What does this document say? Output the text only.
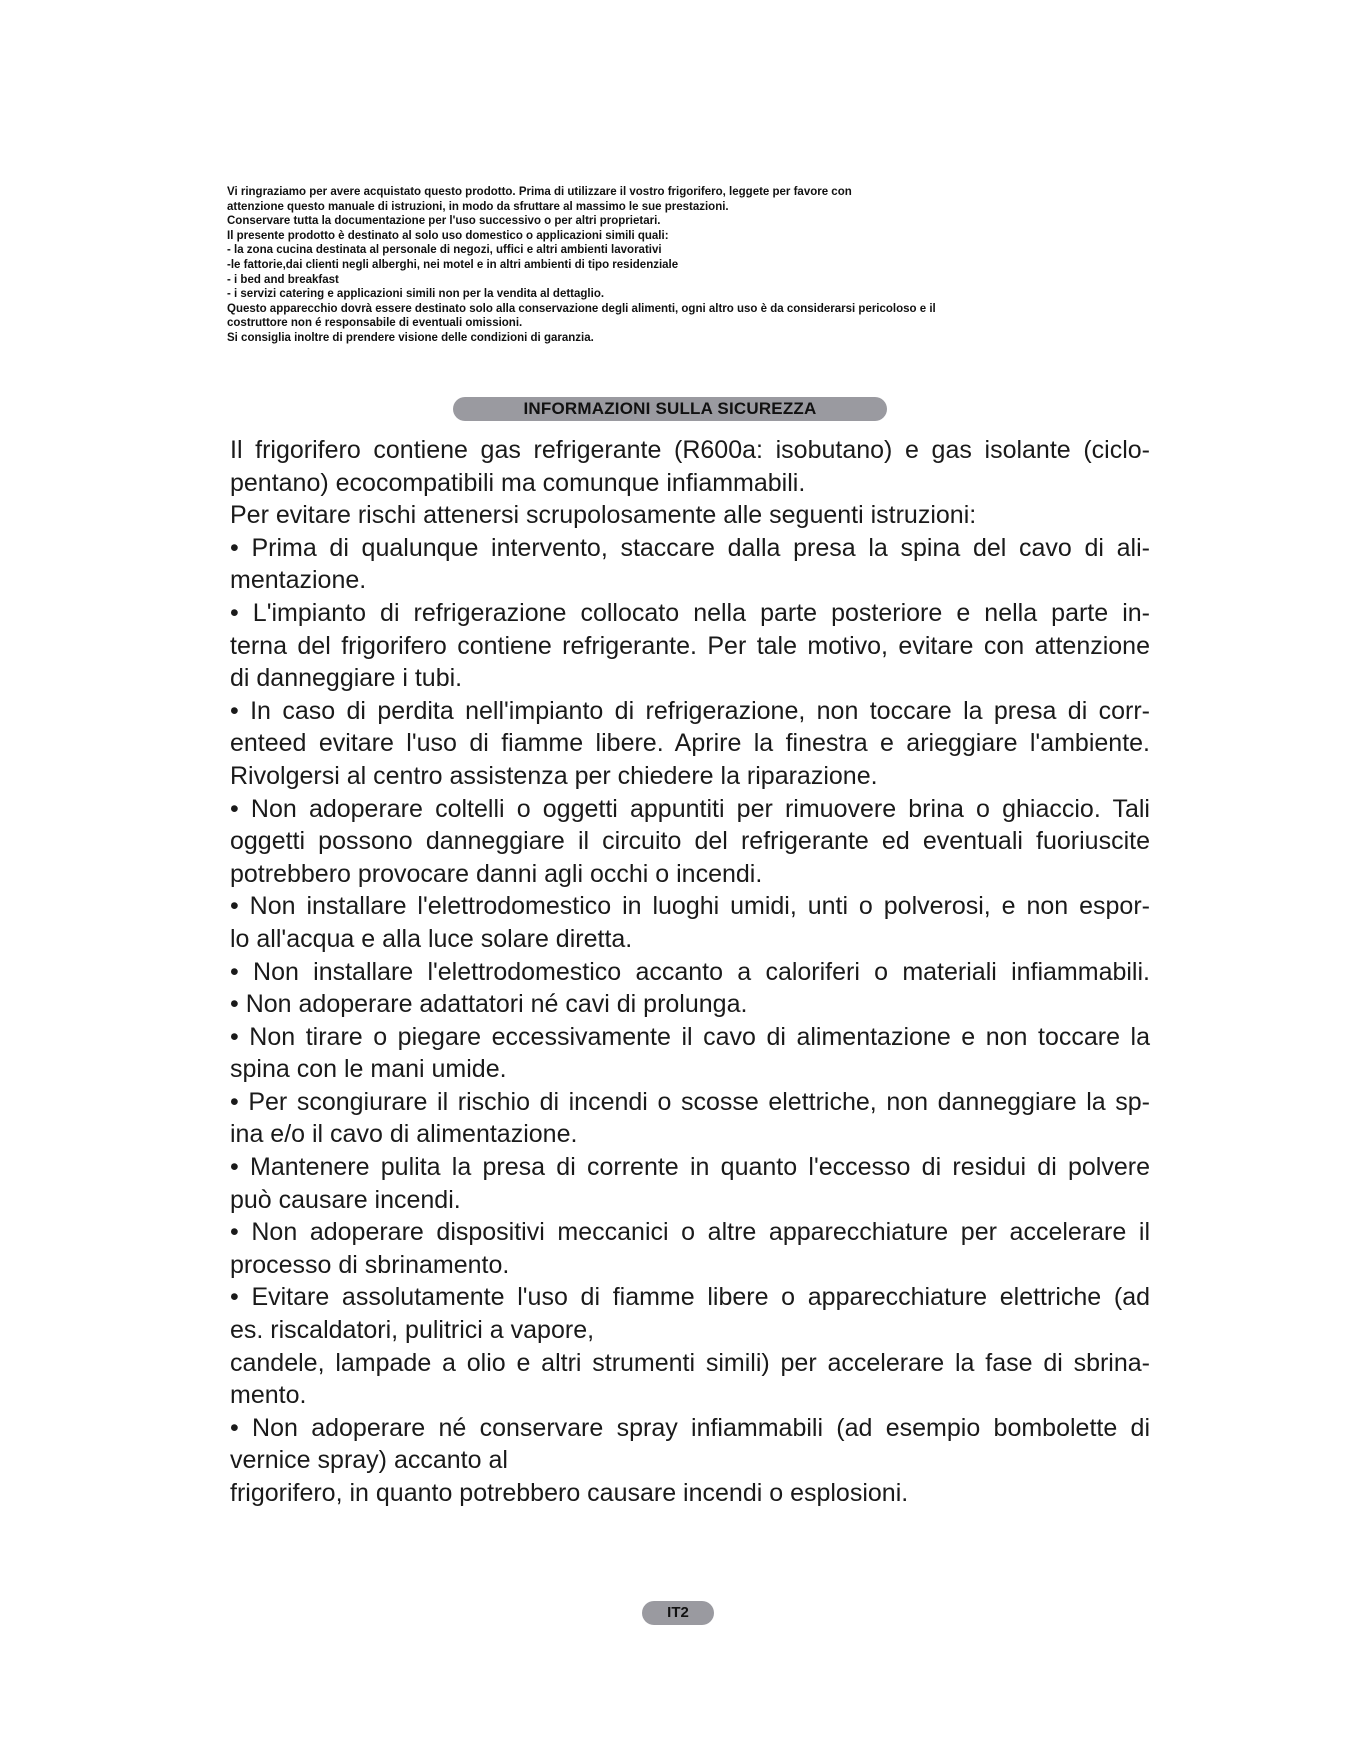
Vi ringraziamo per avere acquistato questo prodotto. Prima di utilizzare il vostro frigorifero, leggete per favore con
attenzione questo manuale di istruzioni, in modo da sfruttare al massimo le sue prestazioni.
Conservare tutta la documentazione per l'uso successivo o per altri proprietari.
Il presente prodotto è destinato al solo uso domestico o applicazioni simili quali:
- la zona cucina destinata al personale di negozi, uffici e altri ambienti lavorativi
-le fattorie,dai clienti negli alberghi, nei motel e in altri ambienti di tipo residenziale
- i bed and breakfast
- i servizi catering e applicazioni simili non per la vendita al dettaglio.
Questo apparecchio dovrà essere destinato solo alla conservazione degli alimenti, ogni altro uso è da considerarsi pericoloso e il
costruttore non é responsabile di eventuali omissioni.
Si consiglia inoltre di prendere visione delle condizioni di garanzia.
INFORMAZIONI SULLA SICUREZZA
Il frigorifero contiene gas refrigerante (R600a: isobutano) e gas isolante (ciclo-
pentano) ecocompatibili ma comunque infiammabili.
Per evitare rischi attenersi scrupolosamente alle seguenti istruzioni:
• Prima di qualunque intervento, staccare dalla presa la spina del cavo di ali-
mentazione.
• L'impianto di refrigerazione collocato nella parte posteriore e nella parte in-
terna del frigorifero contiene refrigerante. Per tale motivo, evitare con attenzione
di danneggiare i tubi.
• In caso di perdita nell'impianto di refrigerazione, non toccare la presa di corr-
enteed evitare l'uso di fiamme libere. Aprire la finestra e arieggiare l'ambiente.
Rivolgersi al centro assistenza per chiedere la riparazione.
• Non adoperare coltelli o oggetti appuntiti per rimuovere brina o ghiaccio. Tali
oggetti possono danneggiare il circuito del refrigerante ed eventuali fuoriuscite
potrebbero provocare danni agli occhi o incendi.
• Non installare l'elettrodomestico in luoghi umidi, unti o polverosi, e non espor-
lo all'acqua e alla luce solare diretta.
• Non installare l'elettrodomestico accanto a caloriferi o materiali infiammabili.
• Non adoperare adattatori né cavi di prolunga.
• Non tirare o piegare eccessivamente il cavo di alimentazione e non toccare la
spina con le mani umide.
• Per scongiurare il rischio di incendi o scosse elettriche, non danneggiare la sp-
ina e/o il cavo di alimentazione.
• Mantenere pulita la presa di corrente in quanto l'eccesso di residui di polvere
può causare incendi.
• Non adoperare dispositivi meccanici o altre apparecchiature per accelerare il
processo di sbrinamento.
• Evitare assolutamente l'uso di fiamme libere o apparecchiature elettriche (ad
es. riscaldatori, pulitrici a vapore,
candele, lampade a olio e altri strumenti simili) per accelerare la fase di sbrina-
mento.
• Non adoperare né conservare spray infiammabili (ad esempio bombolette di
vernice spray) accanto al
frigorifero, in quanto potrebbero causare incendi o esplosioni.
IT2
